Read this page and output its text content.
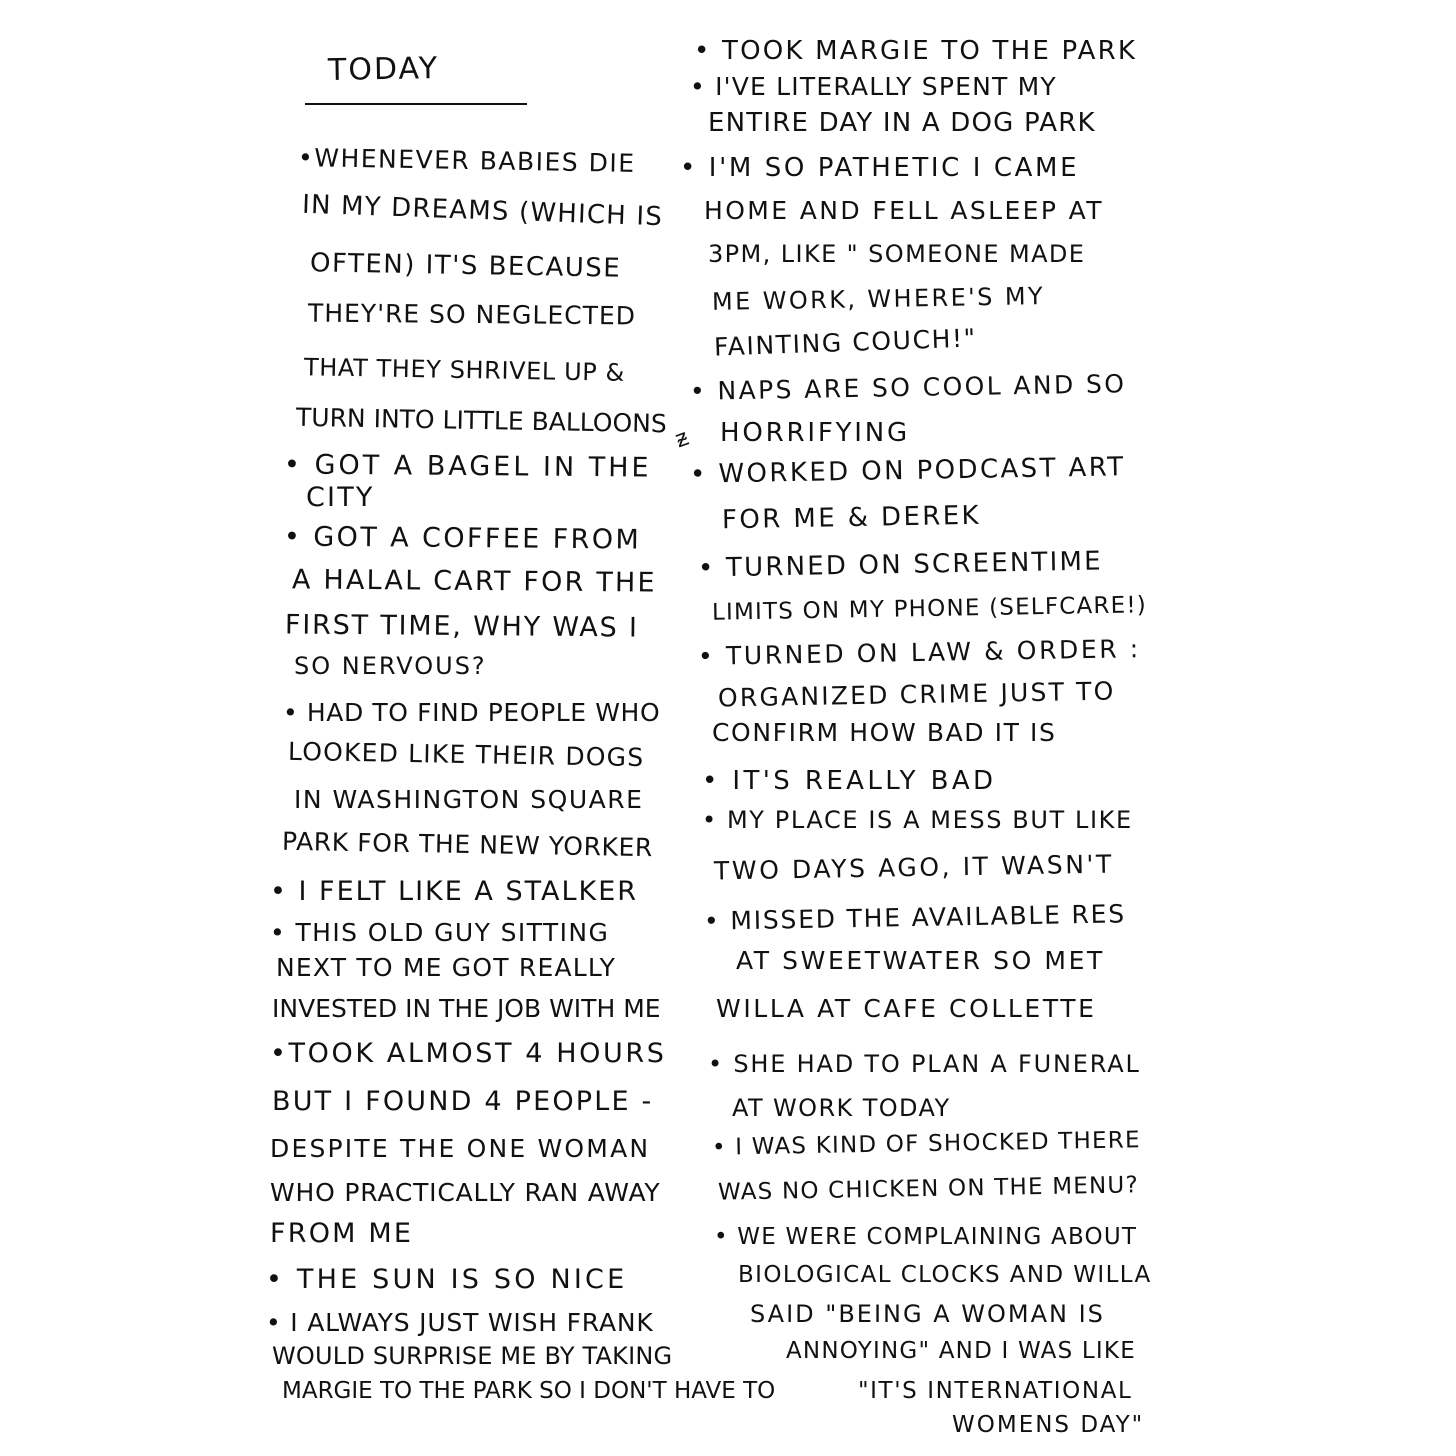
TODAY
ᵶ
•WHENEVER BABIES DIE
IN MY DREAMS (WHICH IS
OFTEN) IT'S BECAUSE
THEY'RE SO NEGLECTED
THAT THEY SHRIVEL UP &
TURN INTO LITTLE BALLOONS
• GOT A BAGEL IN THE
CITY
• GOT A COFFEE FROM
A HALAL CART FOR THE
FIRST TIME, WHY WAS I
SO NERVOUS?
• HAD TO FIND PEOPLE WHO
LOOKED LIKE THEIR DOGS
IN WASHINGTON SQUARE
PARK FOR THE NEW YORKER
• I FELT LIKE A STALKER
• THIS OLD GUY SITTING
NEXT TO ME GOT REALLY
INVESTED IN THE JOB WITH ME
•TOOK ALMOST 4 HOURS
BUT I FOUND 4 PEOPLE -
DESPITE THE ONE WOMAN
WHO PRACTICALLY RAN AWAY
FROM ME
• THE SUN IS SO NICE
• I ALWAYS JUST WISH FRANK
WOULD SURPRISE ME BY TAKING
MARGIE TO THE PARK SO I DON'T HAVE TO
• TOOK MARGIE TO THE PARK
• I'VE LITERALLY SPENT MY
ENTIRE DAY IN A DOG PARK
• I'M SO PATHETIC I CAME
HOME AND FELL ASLEEP AT
3PM, LIKE " SOMEONE MADE
ME WORK, WHERE'S MY
FAINTING COUCH!"
• NAPS ARE SO COOL AND SO
HORRIFYING
• WORKED ON PODCAST ART
FOR ME & DEREK
• TURNED ON SCREENTIME
LIMITS ON MY PHONE (SELFCARE!)
• TURNED ON LAW & ORDER :
ORGANIZED CRIME JUST TO
CONFIRM HOW BAD IT IS
• IT'S REALLY BAD
• MY PLACE IS A MESS BUT LIKE
TWO DAYS AGO, IT WASN'T
• MISSED THE AVAILABLE RES
AT SWEETWATER SO MET
WILLA AT CAFE COLLETTE
• SHE HAD TO PLAN A FUNERAL
AT WORK TODAY
• I WAS KIND OF SHOCKED THERE
WAS NO CHICKEN ON THE MENU?
• WE WERE COMPLAINING ABOUT
BIOLOGICAL CLOCKS AND WILLA
SAID "BEING A WOMAN IS
ANNOYING" AND I WAS LIKE
"IT'S INTERNATIONAL
WOMENS DAY"
